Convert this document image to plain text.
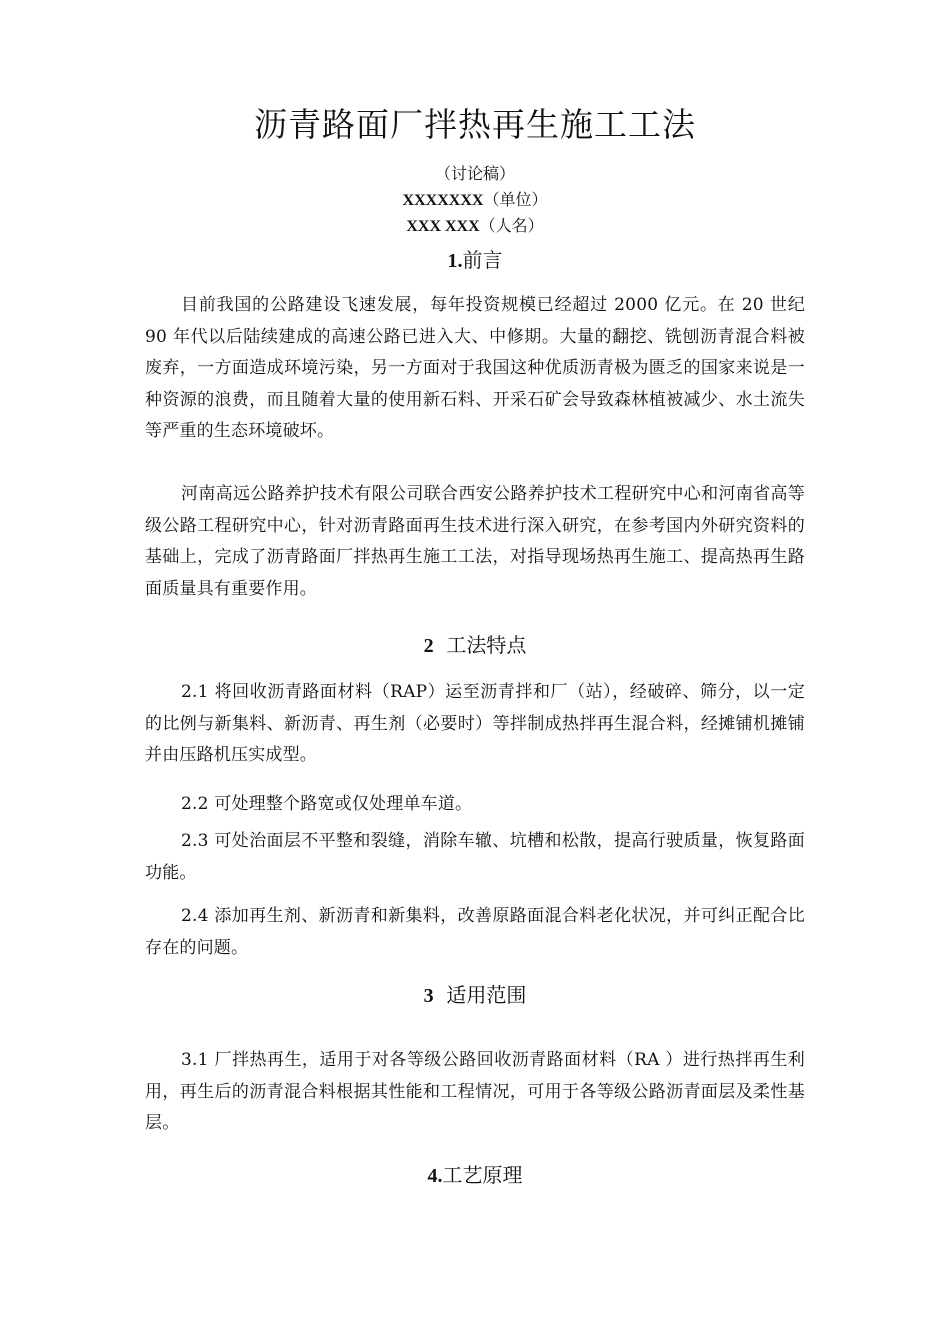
沥青路面厂拌热再生施工工法
（讨论稿）
XXXXXXX（单位）
XXX XXX（人名）
1.前言
目前我国的公路建设飞速发展，每年投资规模已经超过 2000 亿元。在 20 世纪 90 年代以后陆续建成的高速公路已进入大、中修期。大量的翻挖、铣刨沥青混合料被废弃，一方面造成环境污染，另一方面对于我国这种优质沥青极为匮乏的国家来说是一种资源的浪费，而且随着大量的使用新石料、开采石矿会导致森林植被减少、水土流失等严重的生态环境破坏。
河南高远公路养护技术有限公司联合西安公路养护技术工程研究中心和河南省高等级公路工程研究中心，针对沥青路面再生技术进行深入研究，在参考国内外研究资料的基础上，完成了沥青路面厂拌热再生施工工法，对指导现场热再生施工、提高热再生路面质量具有重要作用。
2 工法特点
2.1 将回收沥青路面材料（RAP）运至沥青拌和厂（站），经破碎、筛分，以一定的比例与新集料、新沥青、再生剂（必要时）等拌制成热拌再生混合料，经摊铺机摊铺并由压路机压实成型。
2.2 可处理整个路宽或仅处理单车道。
2.3 可处治面层不平整和裂缝，消除车辙、坑槽和松散，提高行驶质量，恢复路面功能。
2.4 添加再生剂、新沥青和新集料，改善原路面混合料老化状况，并可纠正配合比存在的问题。
3 适用范围
3.1 厂拌热再生，适用于对各等级公路回收沥青路面材料（RA ）进行热拌再生利用，再生后的沥青混合料根据其性能和工程情况，可用于各等级公路沥青面层及柔性基层。
4.工艺原理
